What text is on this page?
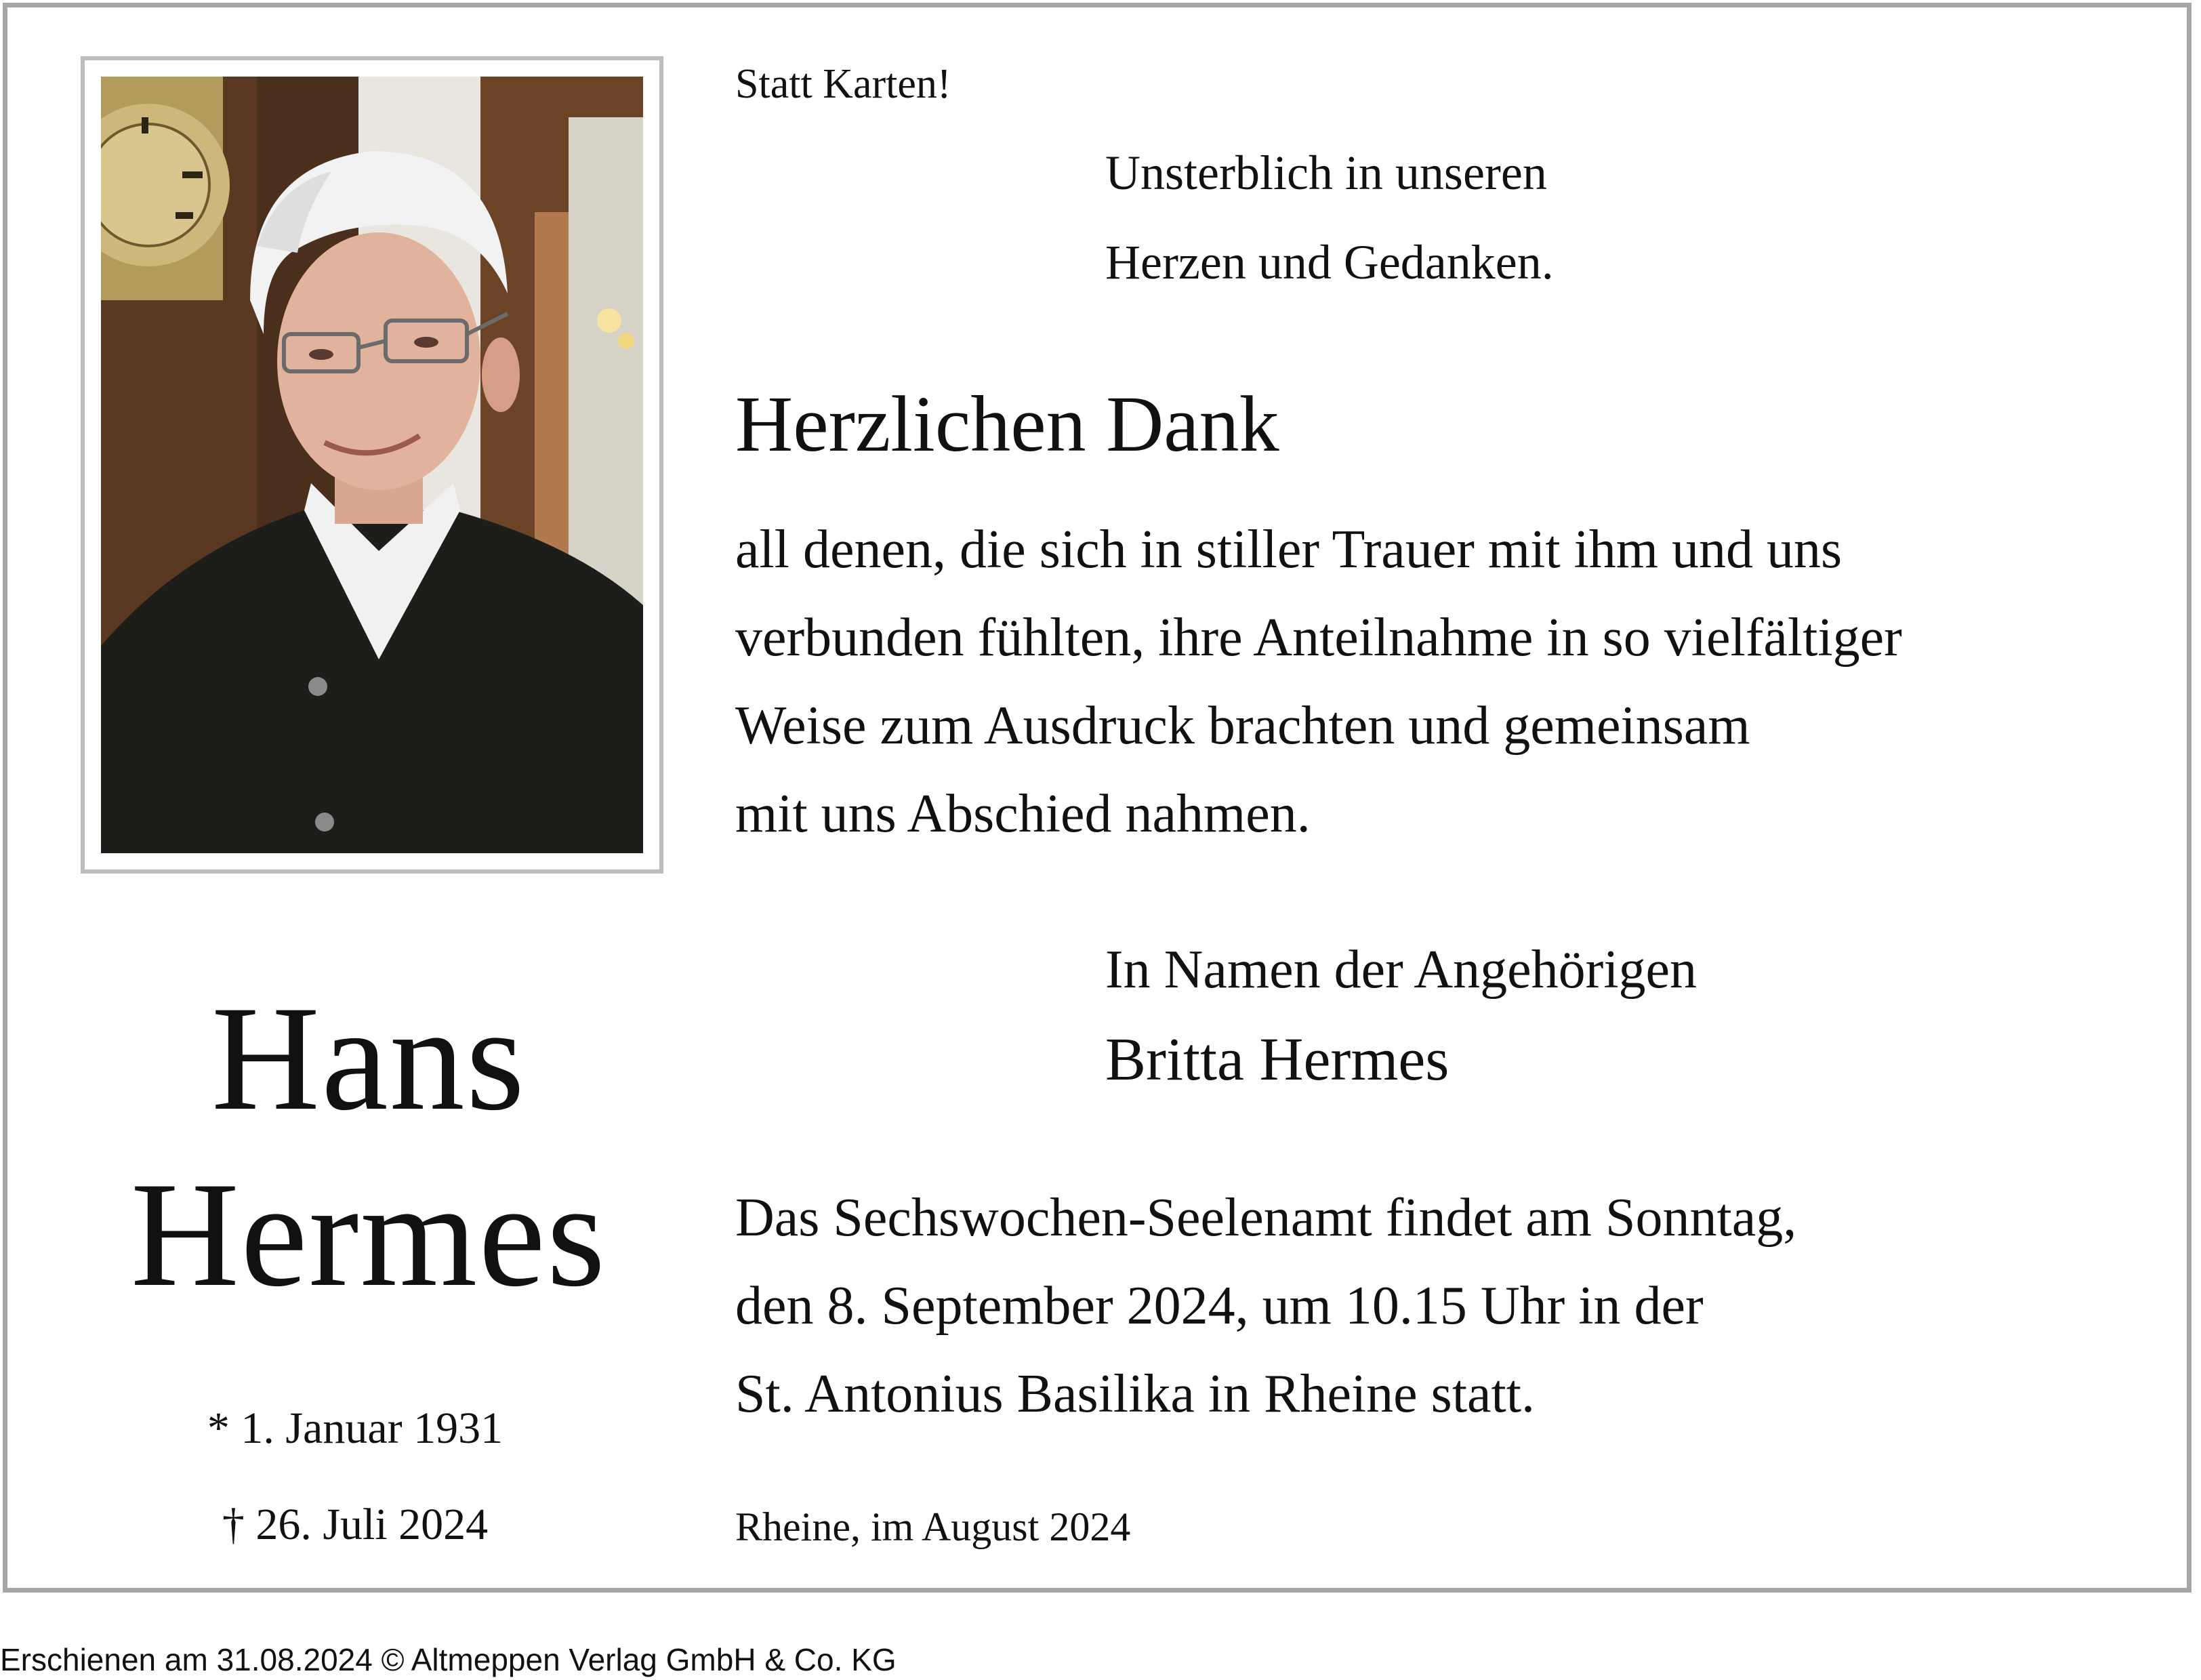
Statt Karten!
Unsterblich in unseren
Herzen und Gedanken.
Herzlichen Dank
all denen, die sich in stiller Trauer mit ihm und uns
verbunden fühlten, ihre Anteilnahme in so vielfältiger
Weise zum Ausdruck brachten und gemeinsam
mit uns Abschied nahmen.
In Namen der Angehörigen
Britta Hermes
Hans
Hermes
* 1. Januar 1931
† 26. Juli 2024
Das Sechswochen-Seelenamt findet am Sonntag,
den 8. September 2024, um 10.15 Uhr in der
St. Antonius Basilika in Rheine statt.
Rheine, im August 2024
Erschienen am 31.08.2024 © Altmeppen Verlag GmbH & Co. KG
